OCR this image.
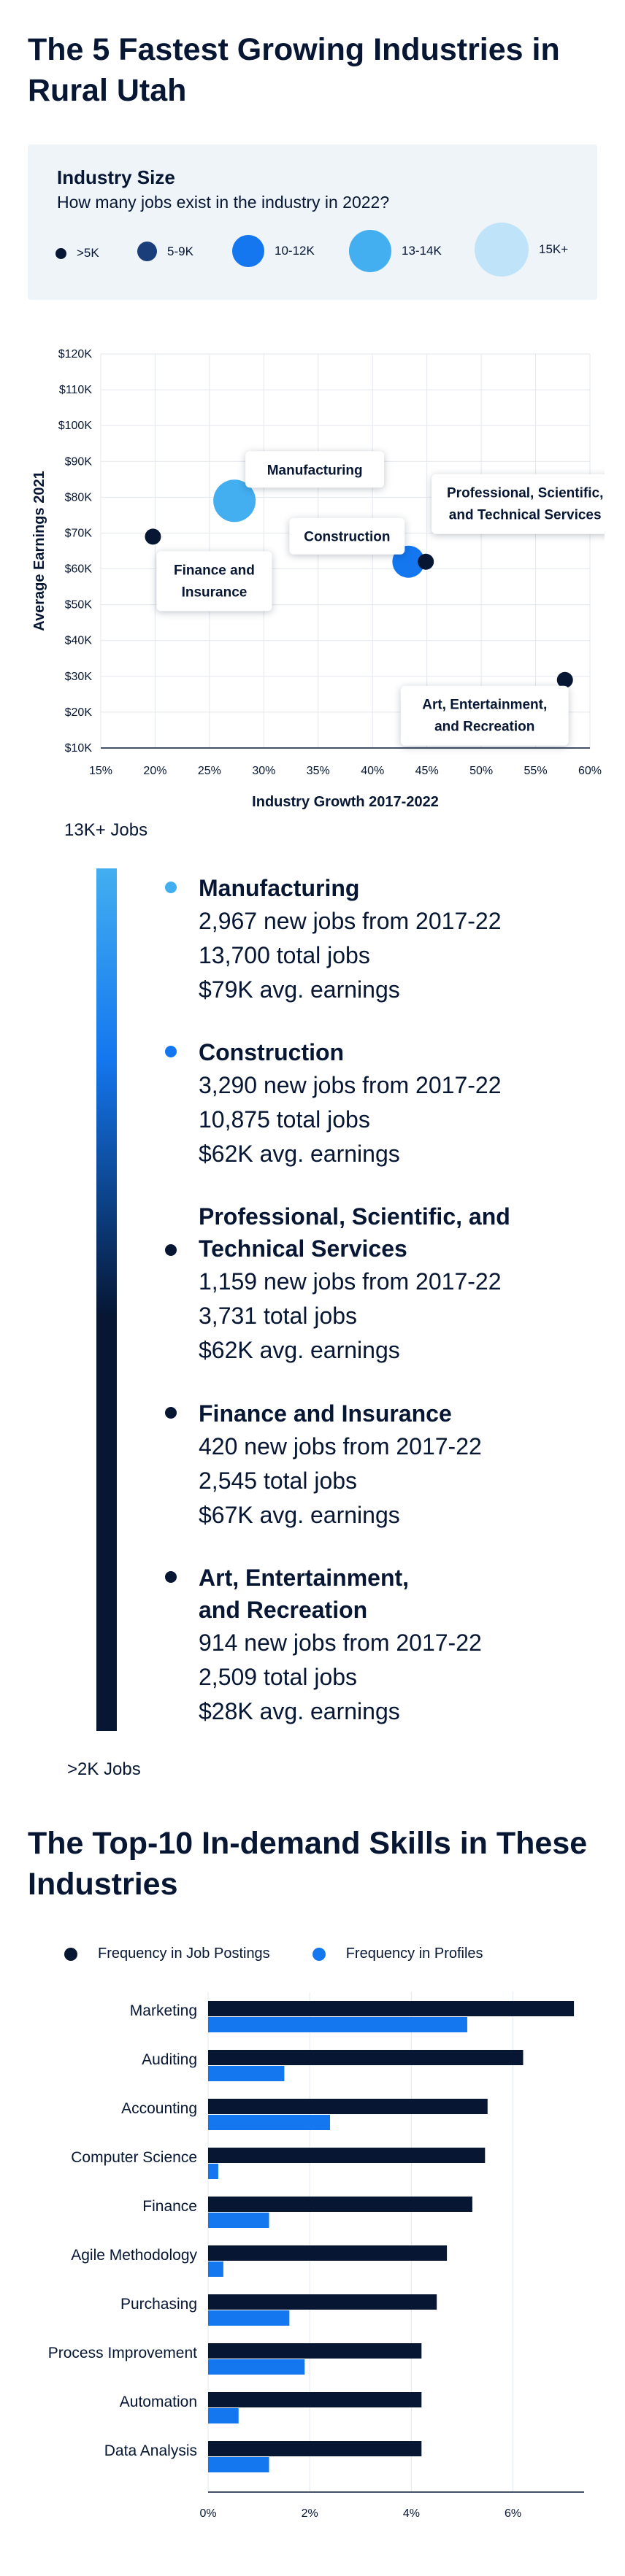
The 5 Fastest Growing Industries in Rural Utah
Industry Size
How many jobs exist in the industry in 2022?
>5K	5-9K	10-12K	13-14K	15K+
15%	20%	25%	30%	35%	40%	45%	50%	55%	60%
$10K
$20K
$30K
$40K
$50K
$60K
$70K
$80K
$90K
$100K
$110K
$120K
Industry Growth 2017-2022
Average Earnings 2021
Manufacturing
Construction
Professional, Scientific,
and Technical Services
Finance and
Insurance
Art, Entertainment,
and Recreation
13K+ Jobs
>2K Jobs
Manufacturing
2,967 new jobs from 2017-22
13,700 total jobs
$79K avg. earnings
Construction
3,290 new jobs from 2017-22
10,875 total jobs
$62K avg. earnings
Professional, Scientific, and
Technical Services
1,159 new jobs from 2017-22
3,731 total jobs
$62K avg. earnings
Finance and Insurance
420 new jobs from 2017-22
2,545 total jobs
$67K avg. earnings
Art, Entertainment,
and Recreation
914 new jobs from 2017-22
2,509 total jobs
$28K avg. earnings
The Top-10 In-demand Skills in These Industries
Frequency in Job Postings	Frequency in Profiles
0%	2%	4%	6%
Marketing
Auditing
Accounting
Computer Science
Finance
Agile Methodology
Purchasing
Process Improvement
Automation
Data Analysis
